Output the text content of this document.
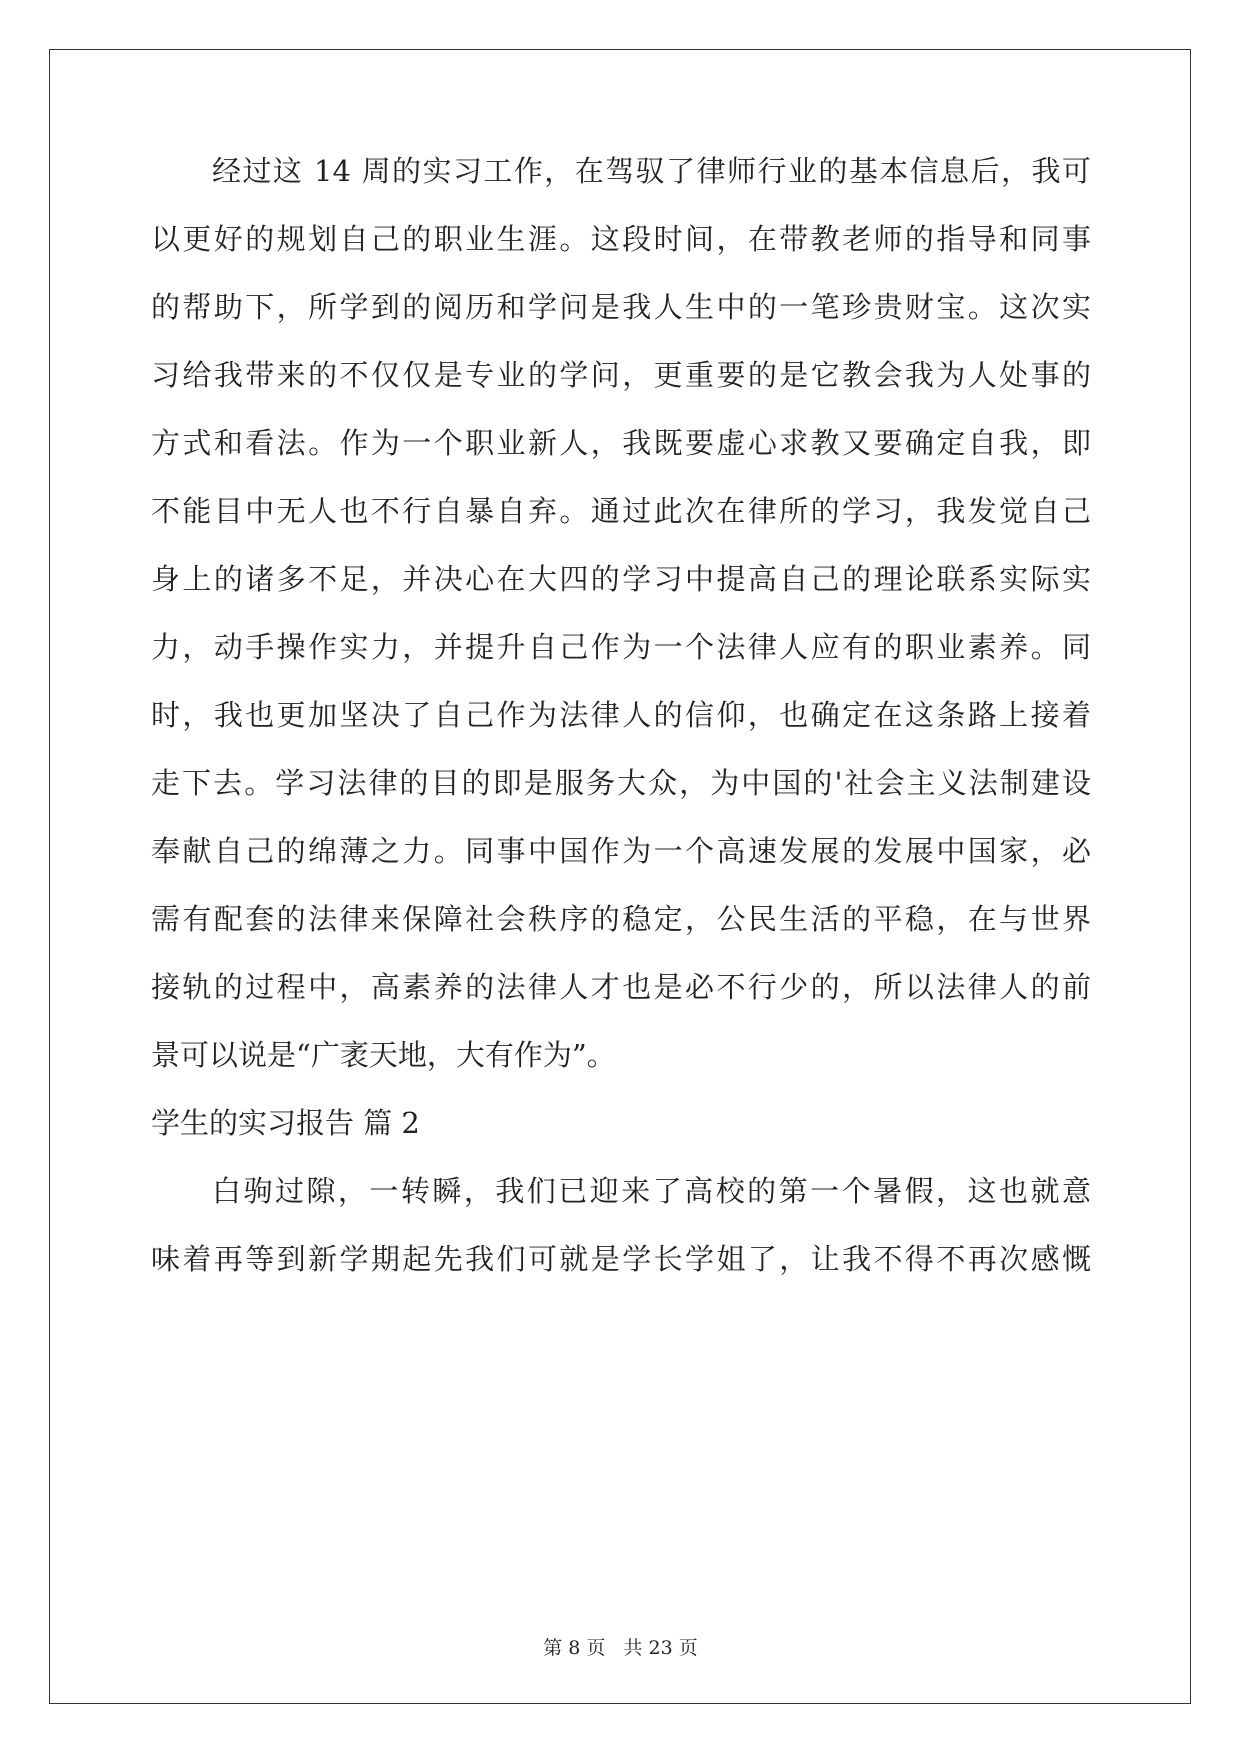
经过这 14 周的实习工作，在驾驭了律师行业的基本信息后，我可
以更好的规划自己的职业生涯。这段时间，在带教老师的指导和同事
的帮助下，所学到的阅历和学问是我人生中的一笔珍贵财宝。这次实
习给我带来的不仅仅是专业的学问，更重要的是它教会我为人处事的
方式和看法。作为一个职业新人，我既要虚心求教又要确定自我，即
不能目中无人也不行自暴自弃。通过此次在律所的学习，我发觉自己
身上的诸多不足，并决心在大四的学习中提高自己的理论联系实际实
力，动手操作实力，并提升自己作为一个法律人应有的职业素养。同
时，我也更加坚决了自己作为法律人的信仰，也确定在这条路上接着
走下去。学习法律的目的即是服务大众，为中国的'社会主义法制建设
奉献自己的绵薄之力。同事中国作为一个高速发展的发展中国家，必
需有配套的法律来保障社会秩序的稳定，公民生活的平稳，在与世界
接轨的过程中，高素养的法律人才也是必不行少的，所以法律人的前
景可以说是“广袤天地，大有作为”。
学生的实习报告 篇 2
白驹过隙，一转瞬，我们已迎来了高校的第一个暑假，这也就意
味着再等到新学期起先我们可就是学长学姐了，让我不得不再次感慨
第 8 页   共 23 页
